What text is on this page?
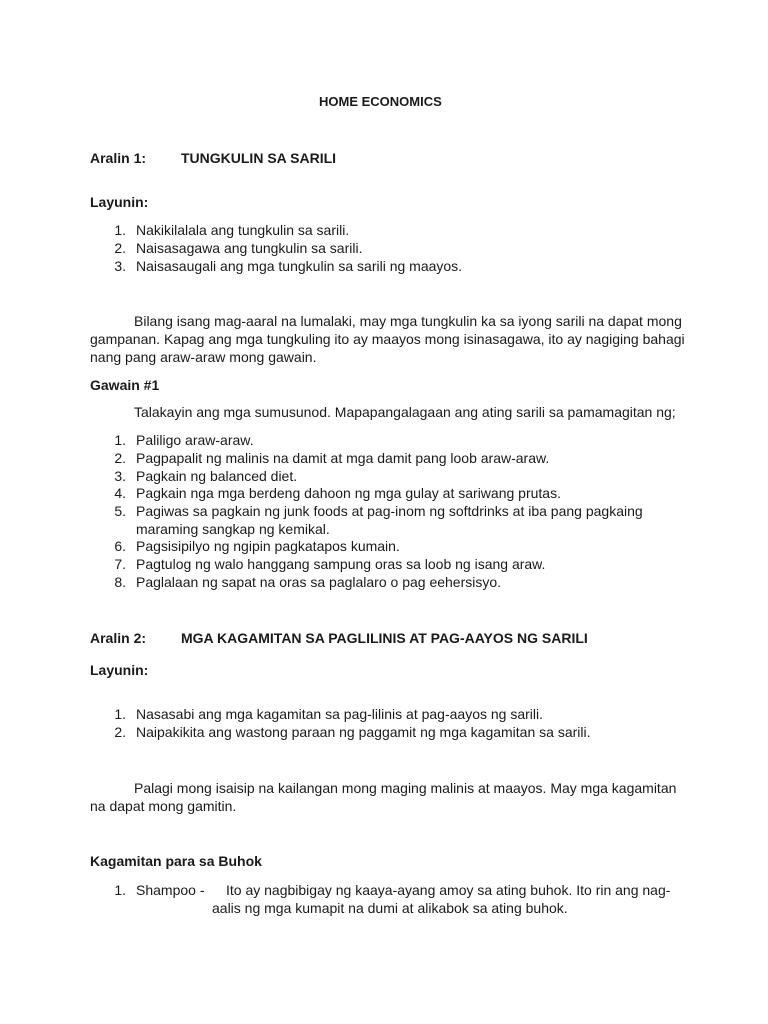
HOME ECONOMICS
Aralin 1: TUNGKULIN SA SARILI
Layunin:
1. Nakikilalala ang tungkulin sa sarili.
2. Naisasagawa ang tungkulin sa sarili.
3. Naisasaugali ang mga tungkulin sa sarili ng maayos.
Bilang isang mag-aaral na lumalaki, may mga tungkulin ka sa iyong sarili na dapat mong
gampanan. Kapag ang mga tungkuling ito ay maayos mong isinasagawa, ito ay nagiging bahagi
nang pang araw-araw mong gawain.
Gawain #1
Talakayin ang mga sumusunod. Mapapangalagaan ang ating sarili sa pamamagitan ng;
1. Paliligo araw-araw.
2. Pagpapalit ng malinis na damit at mga damit pang loob araw-araw.
3. Pagkain ng balanced diet.
4. Pagkain nga mga berdeng dahoon ng mga gulay at sariwang prutas.
5. Pagiwas sa pagkain ng junk foods at pag-inom ng softdrinks at iba pang pagkaing
maraming sangkap ng kemikal.
6. Pagsisipilyo ng ngipin pagkatapos kumain.
7. Pagtulog ng walo hanggang sampung oras sa loob ng isang araw.
8. Paglalaan ng sapat na oras sa paglalaro o pag eehersisyo.
Aralin 2: MGA KAGAMITAN SA PAGLILINIS AT PAG-AAYOS NG SARILI
Layunin:
1. Nasasabi ang mga kagamitan sa pag-lilinis at pag-aayos ng sarili.
2. Naipakikita ang wastong paraan ng paggamit ng mga kagamitan sa sarili.
Palagi mong isaisip na kailangan mong maging malinis at maayos. May mga kagamitan
na dapat mong gamitin.
Kagamitan para sa Buhok
1. Shampoo - Ito ay nagbibigay ng kaaya-ayang amoy sa ating buhok. Ito rin ang nag-
aalis ng mga kumapit na dumi at alikabok sa ating buhok.
